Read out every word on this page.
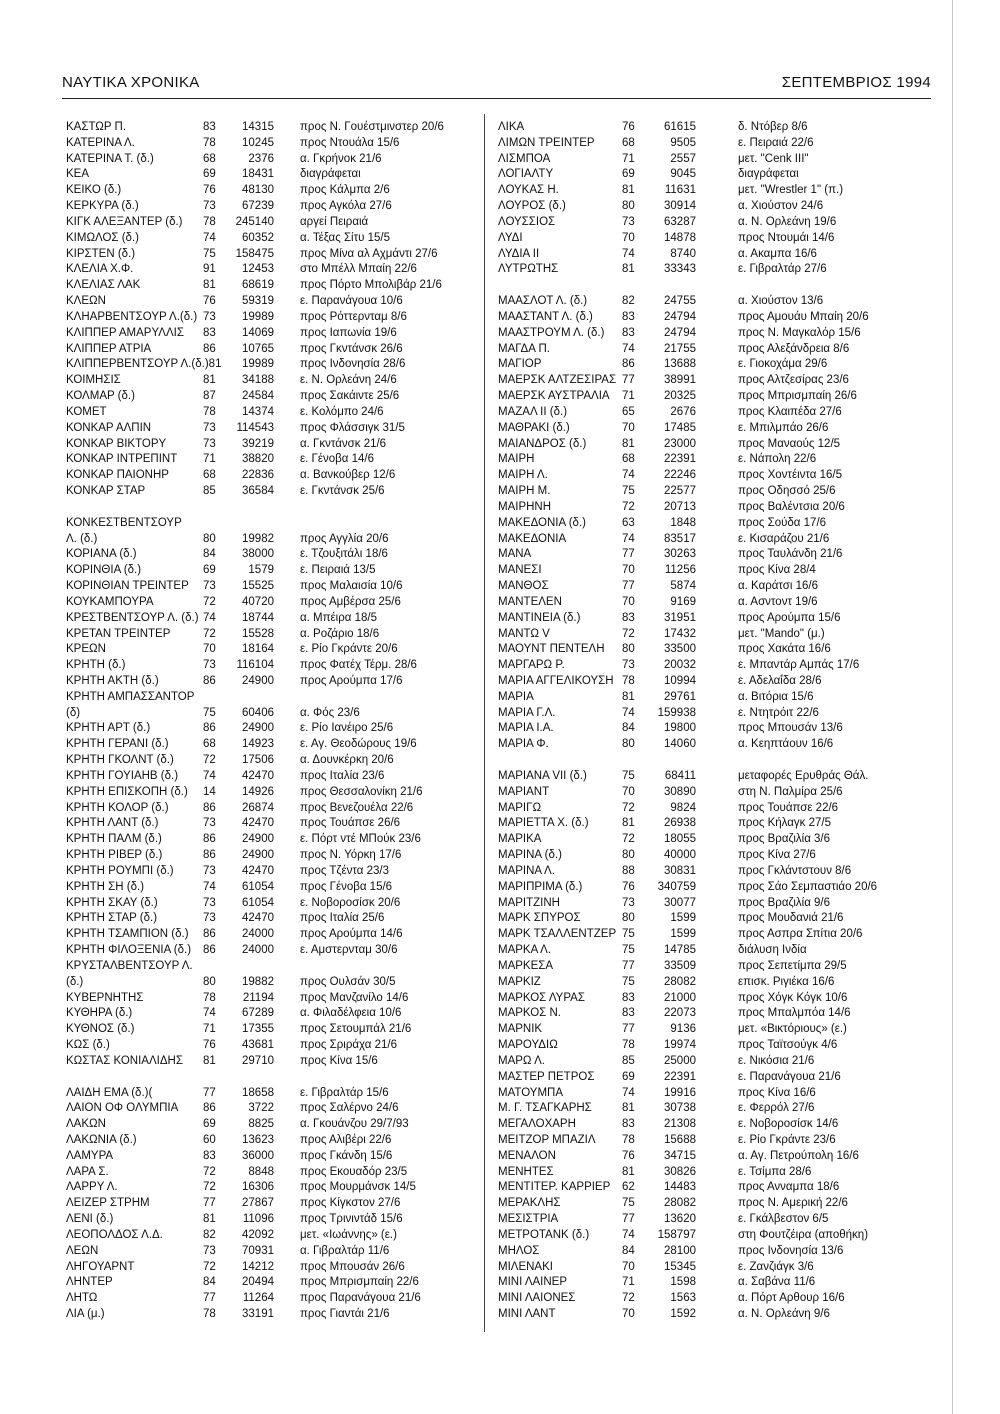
ΝΑΥΤΙΚΑ ΧΡΟΝΙΚΑ	ΣΕΠΤΕΜΒΡΙΟΣ 1994
ΚΑΣΤΩΡ Π.	83	14315 προς Ν. Γουέστμινστερ 20/6
ΚΑΤΕΡΙΝΑ Λ.	78	10245 προς Ντουάλα 15/6
ΚΑΤΕΡΙΝΑ Τ. (δ.)	68	2376 α. Γκρήνοκ 21/6
ΚΕΑ	69	18431 διαγράφεται
ΚΕΙΚΟ (δ.)	76	48130 προς Κάλμπα 2/6
ΚΕΡΚΥΡΑ (δ.)	73	67239 προς Αγκόλα 27/6
ΚΙΓΚ ΑΛΕΞΑΝΤΕΡ (δ.) 78	245140 αργεί Πειραιά
ΚΙΜΩΛΟΣ (δ.)	74	60352 α. Τέξας Σίτυ 15/5
ΚΙΡΣΤΕΝ (δ.)	75	158475 προς Μίνα αλ Αχμάντι 27/6
ΚΛΕΛΙΑ Χ.Φ.	91	12453 στο Μπέλλ Μπαίη 22/6
ΚΛΕΛΙΑΣ ΛΑΚ	81	68619 προς Πόρτο Μπολιβάρ 21/6
ΚΛΕΩΝ	76	59319 ε. Παρανάγουα 10/6
ΚΛΗΑΡΒΕΝΤΣΟΥΡ Λ.(δ.) 73	19989 προς Ρόττερνταμ 8/6
ΚΛΙΠΠΕΡ ΑΜΑΡΥΛΛΙΣ 83	14069 προς Ιαπωνία 19/6
ΚΛΙΠΠΕΡ ΑΤΡΙΑ	86	10765 προς Γκντάνσκ 26/6
ΚΛΙΠΠΕΡΒΕΝΤΣΟΥΡ Λ.(δ.)81	19989 προς Ινδονησία 28/6
ΚΟΙΜΗΣΙΣ	81	34188 ε. Ν. Ορλεάνη 24/6
ΚΟΛΜΑΡ (δ.)	87	24584 προς Σακάιντε 25/6
ΚΟΜΕΤ	78	14374 ε. Κολόμπο 24/6
ΚΟΝΚΑΡ ΑΛΠΙΝ	73	114543 προς Φλάσσιγκ 31/5
ΚΟΝΚΑΡ ΒΙΚΤΟΡΥ	73	39219 α. Γκντάνσκ 21/6
ΚΟΝΚΑΡ ΙΝΤΡΕΠΙΝΤ 71	38820 ε. Γένοβα 14/6
ΚΟΝΚΑΡ ΠΑΙΟΝΗΡ	68	22836 α. Βανκούβερ 12/6
ΚΟΝΚΑΡ ΣΤΑΡ	85	36584 ε. Γκντάνσκ 25/6
ΚΟΝΚΕΣΤΒΕΝΤΣΟΥΡ
Λ. (δ.)	80	19982 προς Αγγλία 20/6
ΚΟΡΙΑΝΑ (δ.)	84	38000 ε. Τζουξιτάλι 18/6
ΚΟΡΙΝΘΙΑ (δ.)	69	1579 ε. Πειραιά 13/5
ΚΟΡΙΝΘΙΑΝ ΤΡΕΙΝΤΕΡ 73	15525 προς Μαλαισία 10/6
ΚΟΥΚΑΜΠΟΥΡΑ	72	40720 προς Αμβέρσα 25/6
ΚΡΕΣΤΒΕΝΤΣΟΥΡ Λ. (δ.) 74	18744 α. Μπέιρα 18/5
ΚΡΕΤΑΝ ΤΡΕΙΝΤΕΡ	72	15528 α. Ροζάριο 18/6
ΚΡΕΩΝ	70	18164 ε. Ρίο Γκράντε 20/6
ΚΡΗΤΗ (δ.)	73	116104 προς Φατέχ Τέρμ. 28/6
ΚΡΗΤΗ ΑΚΤΗ (δ.)	86	24900 προς Αρούμπα 17/6
ΚΡΗΤΗ ΑΜΠΑΣΣΑΝΤΟΡ
(δ)	75	60406 α. Φός 23/6
ΚΡΗΤΗ ΑΡΤ (δ.)	86	24900 ε. Ρίο Ιανέιρο 25/6
ΚΡΗΤΗ ΓΕΡΑΝΙ (δ.)	68	14923 ε. Αγ. Θεοδώρους 19/6
ΚΡΗΤΗ ΓΚΟΛΝΤ (δ.)	72	17506 α. Δουνκέρκη 20/6
ΚΡΗΤΗ ΓΟΥΙΑΗΒ (δ.) 74	42470 προς Ιταλία 23/6
ΚΡΗΤΗ ΕΠΙΣΚΟΠΗ (δ.) 14	14926 προς Θεσσαλονίκη 21/6
ΚΡΗΤΗ ΚΟΛΟΡ (δ.)	86	26874 προς Βενεζουέλα 22/6
ΚΡΗΤΗ ΛΑΝΤ (δ.)	73	42470 προς Τουάπσε 26/6
ΚΡΗΤΗ ΠΑΛΜ (δ.)	86	24900 ε. Πόρτ ντέ ΜΠούκ 23/6
ΚΡΗΤΗ ΡΙΒΕΡ (δ.)	86	24900 προς Ν. Υόρκη 17/6
ΚΡΗΤΗ ΡΟΥΜΠΙ (δ.)	73	42470 προς Τζέντα 23/3
ΚΡΗΤΗ ΣΗ (δ.)	74	61054 προς Γένοβα 15/6
ΚΡΗΤΗ ΣΚΑΥ (δ.)	73	61054 ε. Νοβοροσίσκ 20/6
ΚΡΗΤΗ ΣΤΑΡ (δ.)	73	42470 προς Ιταλία 25/6
ΚΡΗΤΗ ΤΣΑΜΠΙΟΝ (δ.) 86	24000 προς Αρούμπα 14/6
ΚΡΗΤΗ ΦΙΛΟΞΕΝΙΑ (δ.) 86	24000 ε. Αμστερνταμ 30/6
ΚΡΥΣΤΑΛΒΕΝΤΣΟΥΡ Λ.
(δ.)	80	19882 προς Ουλσάν 30/5
ΚΥΒΕΡΝΗΤΗΣ	78	21194 προς Μανζανίλο 14/6
ΚΥΘΗΡΑ (δ.)	74	67289 α. Φιλαδέλφεια 10/6
ΚΥΘΝΟΣ (δ.)	71	17355 προς Σετουμπάλ 21/6
ΚΩΣ (δ.)	76	43681 προς Σριράχα 21/6
ΚΩΣΤΑΣ ΚΟΝΙΑΛΙΔΗΣ 81	29710 προς Κίνα 15/6
ΛΑΙΔΗ ΕΜΑ (δ.)(	77	18658 ε. Γιβραλτάρ 15/6
ΛΑΙΟΝ ΟΦ ΟΛΥΜΠΙΑ 86	3722 προς Σαλέρνο 24/6
ΛΑΚΩΝ	69	8825 α. Γκουάνζου 29/7/93
ΛΑΚΩΝΙΑ (δ.)	60	13623 προς Αλιβέρι 22/6
ΛΑΜΥΡΑ	83	36000 προς Γκάνδη 15/6
ΛΑΡΑ Σ.	72	8848 προς Εκουαδόρ 23/5
ΛΑΡΡΥ Λ.	72	16306 προς Μουρμάνσκ 14/5
ΛΕΙΖΕΡ ΣΤΡΗΜ	77	27867 προς Κίγκστον 27/6
ΛΕΝΙ (δ.)	81	11096 προς Τρινιντάδ 15/6
ΛΕΟΠΟΛΔΟΣ Λ.Δ.	82	42092 μετ. «Ιωάννης» (ε.)
ΛΕΩΝ	73	70931 α. Γιβραλτάρ 11/6
ΛΗΓΟΥΑΡΝΤ	72	14212 προς Μπουσάν 26/6
ΛΗΝΤΕΡ	84	20494 προς Μπρισμπαίη 22/6
ΛΗΤΩ	77	11264 προς Παρανάγουα 21/6
ΛΙΑ (μ.)	78	33191 προς Γιαντάι 21/6
ΛΙΚΑ	76	61615	δ. Ντόβερ 8/6
ΛΙΜΩΝ ΤΡΕΙΝΤΕΡ 68	9505	ε. Πειραιά 22/6
ΛΙΣΜΠΟΑ	71	2557	μετ. "Cenk III"
ΛΟΓΙΑΛΤΥ	69	9045	διαγράφεται
ΛΟΥΚΑΣ Η.	81	11631	μετ. "Wrestler 1" (π.)
ΛΟΥΡΟΣ (δ.)	80	30914	α. Χιούστον 24/6
ΛΟΥΣΣΙΟΣ	73	63287	α. Ν. Ορλεάνη 19/6
ΛΥΔΙ	70	14878	προς Ντουμάι 14/6
ΛΥΔΙΑ II	74	8740	α. Ακαμπα 16/6
ΛΥΤΡΩΤΗΣ	81	33343	ε. Γιβραλτάρ 27/6
ΜΑΑΣΛΟΤ Λ. (δ.)	82	24755	α. Χιούστον 13/6
ΜΑΑΣΤΑΝΤ Λ. (δ.)	83	24794	προς Αμουάυ Μπαίη 20/6
ΜΑΑΣΤΡΟΥΜ Λ. (δ.) 83	24794	προς Ν. Μαγκαλόρ 15/6
ΜΑΓΔΑ Π.	74	21755	προς Αλεξάνδρεια 8/6
ΜΑΓΙΟΡ	86	13688	ε. Γιοκοχάμα 29/6
ΜΑΕΡΣΚ ΑΛΤΖΕΣΙΡΑΣ 77	38991	προς Αλτζεσίρας 23/6
ΜΑΕΡΣΚ ΑΥΣΤΡΑΛΙΑ 71	20325	προς Μπρισμπαίη 26/6
ΜΑΖΑΛ ΙΙ (δ.)	65	2676	προς Κλαιπέδα 27/6
ΜΑΘΡΑΚΙ (δ.)	70	17485	ε. Μπιλμπάο 26/6
ΜΑΙΑΝΔΡΟΣ (δ.)	81	23000	προς Μαναούς 12/5
ΜΑΙΡΗ	68	22391	ε. Νάπολη 22/6
ΜΑΙΡΗ Λ.	74	22246	προς Χοντέιντα 16/5
ΜΑΙΡΗ Μ.	75	22577	προς Οδησσό 25/6
ΜΑΙΡΗΝΗ	72	20713	προς Βαλέντσια 20/6
ΜΑΚΕΔΟΝΙΑ (δ.)	63	1848	προς Σούδα 17/6
ΜΑΚΕΔΟΝΙΑ	74	83517	ε. Κισαράζου 21/6
ΜΑΝΑ	77	30263	προς Ταυλάνδη 21/6
ΜΑΝΕΣΙ	70	11256	προς Κίνα 28/4
ΜΑΝΘΟΣ	77	5874	α. Καράτσι 16/6
ΜΑΝΤΕΛΕΝ	70	9169	α. Ασντοντ 19/6
ΜΑΝΤΙΝΕΙΑ (δ.)	83	31951	προς Αρούμπα 15/6
ΜΑΝΤΩ V	72	17432	μετ. "Mando" (μ.)
ΜΑΟΥΝΤ ΠΕΝΤΕΛΗ 80	33500	προς Χακάτα 16/6
ΜΑΡΓΑΡΩ Ρ.	73	20032	ε. Μπαντάρ Αμπάς 17/6
ΜΑΡΙΑ ΑΓΓΕΛΙΚΟΥΣΗ 78	10994	ε. Αδελαΐδα 28/6
ΜΑΡΙΑ	81	29761	α. Βιτόρια 15/6
ΜΑΡΙΑ Γ.Λ.	74	159938	ε. Ντητρόιτ 22/6
ΜΑΡΙΑ Ι.Α.	84	19800	προς Μπουσάν 13/6
ΜΑΡΙΑ Φ.	80	14060	α. Κεηπτάουν 16/6
ΜΑΡΙΑΝΑ VII (δ.)	75	68411	μεταφορές Ερυθράς Θάλ.
ΜΑΡΙΑΝΤ	70	30890	στη Ν. Παλμίρα 25/6
ΜΑΡΙΓΩ	72	9824	προς Τουάπσε 22/6
ΜΑΡΙΕΤΤΑ Χ. (δ.)	81	26938	προς Κήλαγκ 27/5
ΜΑΡΙΚΑ	72	18055	προς Βραζιλία 3/6
ΜΑΡΙΝΑ (δ.)	80	40000	προς Κίνα 27/6
ΜΑΡΙΝΑ Λ.	88	30831	προς Γκλάντστουν 8/6
ΜΑΡΙΠΡΙΜΑ (δ.)	76	340759	προς Σάο Σεμπαστιάο 20/6
ΜΑΡΙΤΖΙΝΗ	73	30077	προς Βραζιλία 9/6
ΜΑΡΚ ΣΠΥΡΟΣ	80	1599	προς Μουδανιά 21/6
ΜΑΡΚ ΤΣΑΛΛΕΝΤΖΕΡ 75	1599	προς Ασπρα Σπίτια 20/6
ΜΑΡΚΑ Λ.	75	14785	διάλυση Ινδία
ΜΑΡΚΕΣΑ	77	33509	προς Σεπετίμπα 29/5
ΜΑΡΚΙΖ	75	28082	επισκ. Ριγιέκα 16/6
ΜΑΡΚΟΣ ΛΥΡΑΣ	83	21000	προς Χόγκ Κόγκ 10/6
ΜΑΡΚΟΣ Ν.	83	22073	προς Μπαλμπόα 14/6
ΜΑΡΝΙΚ	77	9136	μετ. «Βικτόριους» (ε.)
ΜΑΡΟΥΔΙΩ	78	19974	προς Ταϊτσούγκ 4/6
ΜΑΡΩ Λ.	85	25000	ε. Νικόσια 21/6
ΜΑΣΤΕΡ ΠΕΤΡΟΣ 69	22391	ε. Παρανάγουα 21/6
ΜΑΤΟΥΜΠΑ	74	19916	προς Κίνα 16/6
Μ. Γ. ΤΣΑΓΚΑΡΗΣ	81	30738	ε. Φερρόλ 27/6
ΜΕΓΑΛΟΧΑΡΗ	83	21308	ε. Νοβοροσίσκ 14/6
ΜΕΙΤΖΟΡ ΜΠΑΖΙΛ 78	15688	ε. Ρίο Γκράντε 23/6
ΜΕΝΑΛΟΝ	76	34715	α. Αγ. Πετρούπολη 16/6
ΜΕΝΗΤΕΣ	81	30826	ε. Τσίμπα 28/6
ΜΕΝΤΙΤΕΡ. ΚΑΡΡΙΕΡ 62	14483	προς Ανναμπα 18/6
ΜΕΡΑΚΛΗΣ	75	28082	προς Ν. Αμερική 22/6
ΜΕΣΙΣΤΡΙΑ	77	13620	ε. Γκάλβεστον 6/5
ΜΕΤΡΟΤΑΝΚ (δ.)	74	158797	στη Φουτζέιρα (αποθήκη)
ΜΗΛΟΣ	84	28100	προς Ινδονησία 13/6
ΜΙΛΕΝΑΚΙ	70	15345	ε. Ζανζιάγκ 3/6
ΜΙΝΙ ΛΑΙΝΕΡ	71	1598	α. Σαβάνα 11/6
ΜΙΝΙ ΛΑΙΟΝΕΣ	72	1563	α. Πόρτ Αρθουρ 16/6
ΜΙΝΙ ΛΑΝΤ	70	1592	α. Ν. Ορλεάνη 9/6
